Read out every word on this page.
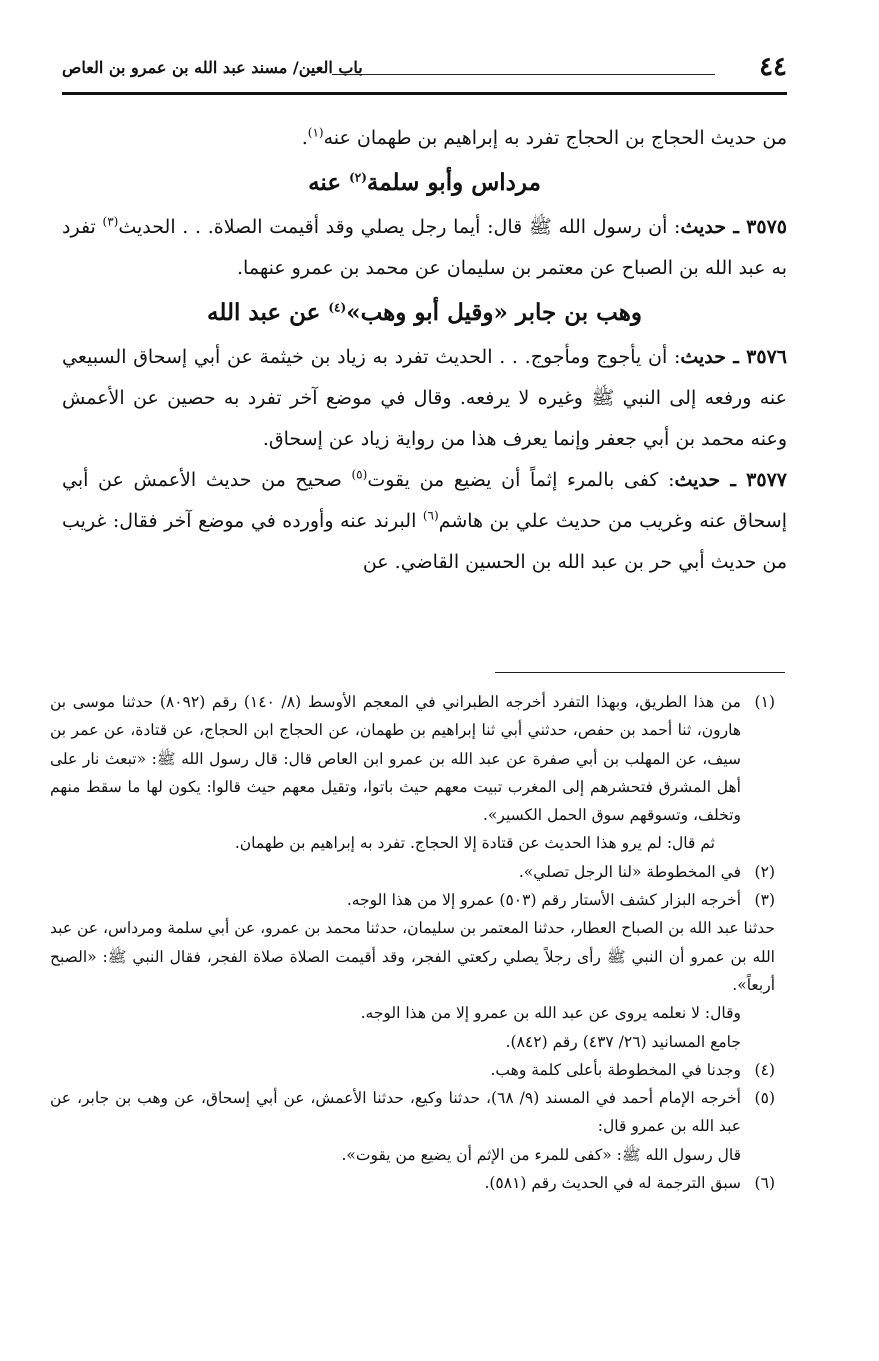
٤٤
باب العين/ مسند عبد الله بن عمرو بن العاص

من حديث الحجاج بن الحجاج تفرد به إبراهيم بن طهمان عنه$^{(١)}$.

مرداس وأبو سلمة$^{(٢)}$ عنه

٣٥٧٥ ـ حديث: أن رسول الله ﷺ قال: أيما رجل يصلي وقد أقيمت الصلاة. . . الحديث$^{(٣)}$ تفرد به عبد الله بن الصباح عن معتمر بن سليمان عن محمد بن عمرو عنهما.

وهب بن جابر «وقيل أبو وهب»$^{(٤)}$ عن عبد الله

٣٥٧٦ ـ حديث: أن يأجوج ومأجوج. . . الحديث تفرد به زياد بن خيثمة عن أبي إسحاق السبيعي عنه ورفعه إلى النبي ﷺ وغيره لا يرفعه. وقال في موضع آخر تفرد به حصين عن الأعمش وعنه محمد بن أبي جعفر وإنما يعرف هذا من رواية زياد عن إسحاق.

٣٥٧٧ ـ حديث: كفى بالمرء إثماً أن يضيع من يقوت$^{(٥)}$ صحيح من حديث الأعمش عن أبي إسحاق عنه وغريب من حديث علي بن هاشم$^{(٦)}$ البرند عنه وأورده في موضع آخر فقال: غريب من حديث أبي حر بن عبد الله بن الحسين القاضي. عن

(١)
من هذا الطريق، وبهذا التفرد أخرجه الطبراني في المعجم الأوسط (٨/ ١٤٠) رقم (٨٠٩٢) حدثنا موسى بن هارون، ثنا أحمد بن حفص، حدثني أبي ثنا إبراهيم بن طهمان، عن الحجاج ابن الحجاج، عن قتادة، عن عمر بن سيف، عن المهلب بن أبي صفرة عن عبد الله بن عمرو ابن العاص قال: قال رسول الله ﷺ: «تبعث نار على أهل المشرق فتحشرهم إلى المغرب تبيت معهم حيث باتوا، وتقيل معهم حيث قالوا: يكون لها ما سقط منهم وتخلف، وتسوقهم سوق الحمل الكسير».
ثم قال: لم يرو هذا الحديث عن قتادة إلا الحجاج. تفرد به إبراهيم بن طهمان.
(٢)
في المخطوطة «لنا الرجل تصلي».
(٣)
أخرجه البزار كشف الأستار رقم (٥٠٣) عمرو إلا من هذا الوجه.
حدثنا عبد الله بن الصباح العطار، حدثنا المعتمر بن سليمان، حدثنا محمد بن عمرو، عن أبي سلمة ومرداس، عن عبد الله بن عمرو أن النبي ﷺ رأى رجلاً يصلي ركعتي الفجر، وقد أقيمت الصلاة صلاة الفجر، فقال النبي ﷺ: «الصبح أربعاً».
وقال: لا نعلمه يروى عن عبد الله بن عمرو إلا من هذا الوجه.
جامع المسانيد (٢٦/ ٤٣٧) رقم (٨٤٢).
(٤)
وجدنا في المخطوطة بأعلى كلمة وهب.
(٥)
أخرجه الإمام أحمد في المسند (٩/ ٦٨)، حدثنا وكيع، حدثنا الأعمش، عن أبي إسحاق، عن وهب بن جابر، عن عبد الله بن عمرو قال:
قال رسول الله ﷺ: «كفى للمرء من الإثم أن يضيع من يقوت».
(٦)
سبق الترجمة له في الحديث رقم (٥٨١).
